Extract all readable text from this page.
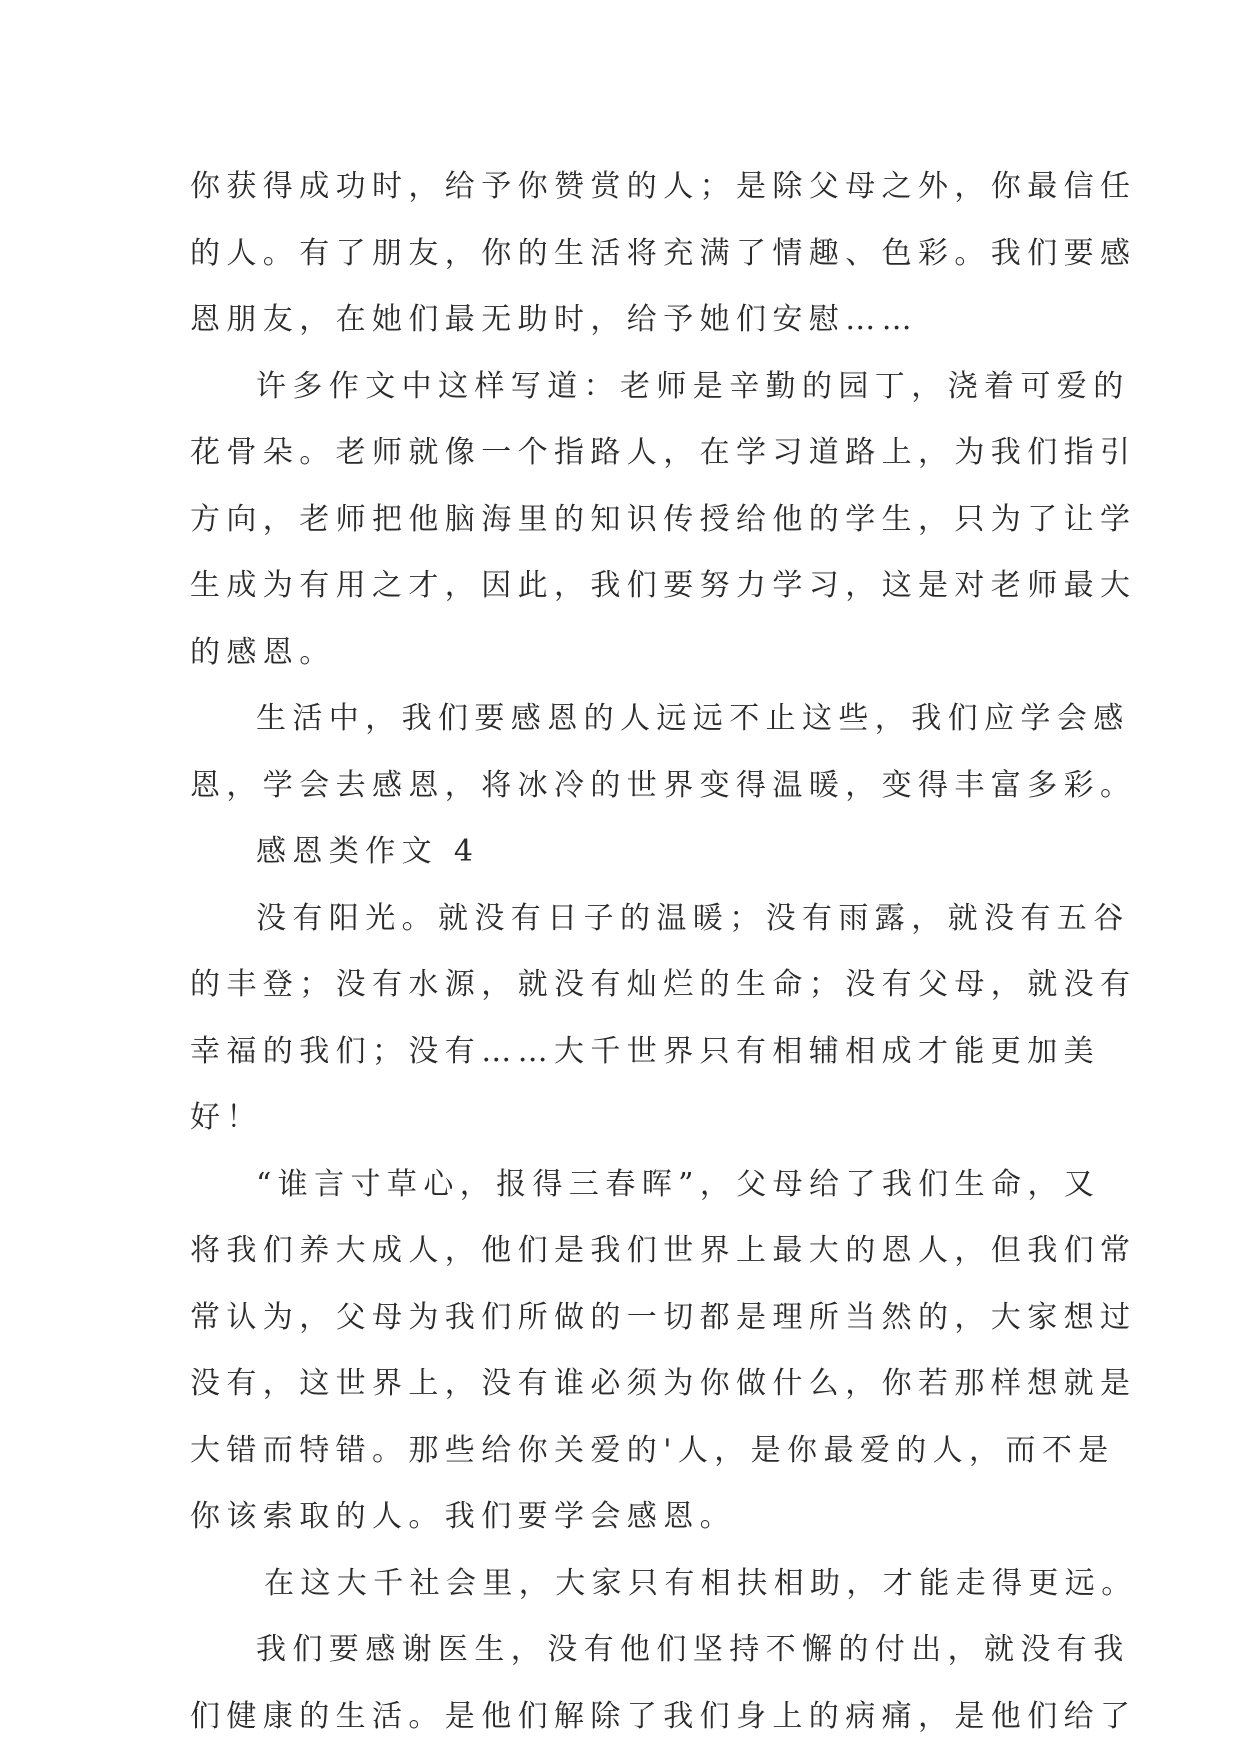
你获得成功时，给予你赞赏的人；是除父母之外，你最信任
的人。有了朋友，你的生活将充满了情趣、色彩。我们要感
恩朋友，在她们最无助时，给予她们安慰……
许多作文中这样写道：老师是辛勤的园丁，浇着可爱的
花骨朵。老师就像一个指路人，在学习道路上，为我们指引
方向，老师把他脑海里的知识传授给他的学生，只为了让学
生成为有用之才，因此，我们要努力学习，这是对老师最大
的感恩。
生活中，我们要感恩的人远远不止这些，我们应学会感
恩，学会去感恩，将冰冷的世界变得温暖，变得丰富多彩。
感恩类作文 4
没有阳光。就没有日子的温暖；没有雨露，就没有五谷
的丰登；没有水源，就没有灿烂的生命；没有父母，就没有
幸福的我们；没有……大千世界只有相辅相成才能更加美
好！
“谁言寸草心，报得三春晖”，父母给了我们生命，又
将我们养大成人，他们是我们世界上最大的恩人，但我们常
常认为，父母为我们所做的一切都是理所当然的，大家想过
没有，这世界上，没有谁必须为你做什么，你若那样想就是
大错而特错。那些给你关爱的'人，是你最爱的人，而不是
你该索取的人。我们要学会感恩。
在这大千社会里，大家只有相扶相助，才能走得更远。
我们要感谢医生，没有他们坚持不懈的付出，就没有我
们健康的生活。是他们解除了我们身上的病痛，是他们给了
